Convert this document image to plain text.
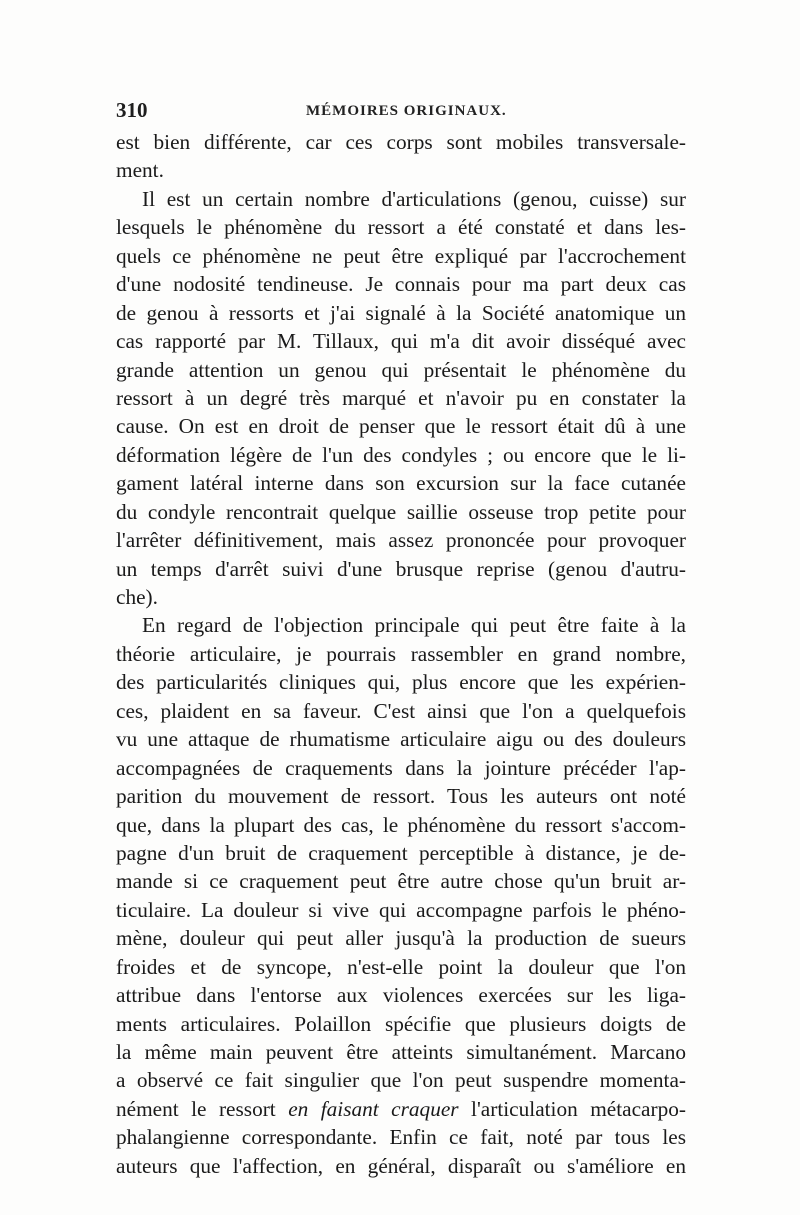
310	MÉMOIRES ORIGINAUX.
est bien différente, car ces corps sont mobiles transversale-
ment.
Il est un certain nombre d'articulations (genou, cuisse) sur
lesquels le phénomène du ressort a été constaté et dans les-
quels ce phénomène ne peut être expliqué par l'accrochement
d'une nodosité tendineuse. Je connais pour ma part deux cas
de genou à ressorts et j'ai signalé à la Société anatomique un
cas rapporté par M. Tillaux, qui m'a dit avoir disséqué avec
grande attention un genou qui présentait le phénomène du
ressort à un degré très marqué et n'avoir pu en constater la
cause. On est en droit de penser que le ressort était dû à une
déformation légère de l'un des condyles ; ou encore que le li-
gament latéral interne dans son excursion sur la face cutanée
du condyle rencontrait quelque saillie osseuse trop petite pour
l'arrêter définitivement, mais assez prononcée pour provoquer
un temps d'arrêt suivi d'une brusque reprise (genou d'autru-
che).
En regard de l'objection principale qui peut être faite à la
théorie articulaire, je pourrais rassembler en grand nombre,
des particularités cliniques qui, plus encore que les expérien-
ces, plaident en sa faveur. C'est ainsi que l'on a quelquefois
vu une attaque de rhumatisme articulaire aigu ou des douleurs
accompagnées de craquements dans la jointure précéder l'ap-
parition du mouvement de ressort. Tous les auteurs ont noté
que, dans la plupart des cas, le phénomène du ressort s'accom-
pagne d'un bruit de craquement perceptible à distance, je de-
mande si ce craquement peut être autre chose qu'un bruit ar-
ticulaire. La douleur si vive qui accompagne parfois le phéno-
mène, douleur qui peut aller jusqu'à la production de sueurs
froides et de syncope, n'est-elle point la douleur que l'on
attribue dans l'entorse aux violences exercées sur les liga-
ments articulaires. Polaillon spécifie que plusieurs doigts de
la même main peuvent être atteints simultanément. Marcano
a observé ce fait singulier que l'on peut suspendre momenta-
nément le ressort en faisant craquer l'articulation métacarpo-
phalangienne correspondante. Enfin ce fait, noté par tous les
auteurs que l'affection, en général, disparaît ou s'améliore en
